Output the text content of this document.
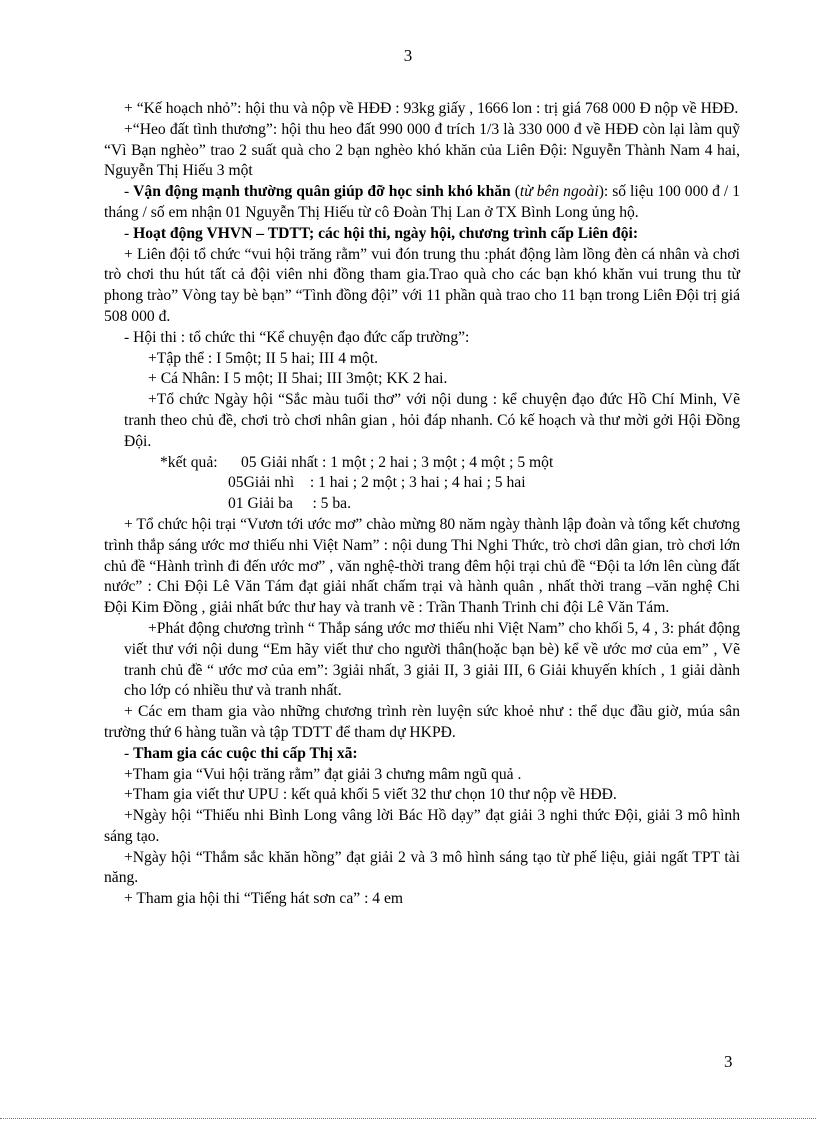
3

+ “Kế hoạch nhỏ”: hội thu và nộp về HĐĐ : 93kg giấy , 1666 lon : trị giá 768 000 Đ nộp về HĐĐ.

+“Heo đất tình thương”: hội thu heo đất 990 000 đ trích 1/3 là 330 000 đ về HĐĐ còn lại làm quỹ “Vì Bạn nghèo” trao 2 suất quà cho 2 bạn nghèo khó khăn của Liên Đội: Nguyễn Thành Nam 4 hai, Nguyễn Thị Hiếu 3 một

- Vận động mạnh thường quân giúp đỡ học sinh khó khăn (từ bên ngoài): số liệu 100 000 đ / 1 tháng / số em nhận 01 Nguyễn Thị Hiếu từ cô Đoàn Thị Lan ở TX Bình Long ủng hộ.

- Hoạt động VHVN – TDTT; các hội thi, ngày hội, chương trình cấp Liên đội:

+ Liên đội tổ chức “vui hội trăng rằm” vui đón trung thu :phát động làm lồng đèn cá nhân và chơi trò chơi thu hút tất cả đội viên nhi đồng tham gia.Trao quà cho các bạn khó khăn vui trung thu từ phong trào” Vòng tay bè bạn” “Tình đồng đội” với 11 phần quà trao cho 11 bạn trong Liên Đội trị giá 508 000 đ.

- Hội thi : tổ chức thi “Kể chuyện đạo đức cấp trường”:

+Tập thể : I 5một; II 5 hai; III 4 một.

+ Cá Nhân: I 5 một; II 5hai; III 3một; KK 2 hai.

+Tổ chức Ngày hội “Sắc màu tuổi thơ” với nội dung : kể chuyện đạo đức Hồ Chí Minh, Vẽ tranh theo chủ đề, chơi trò chơi nhân gian , hỏi đáp nhanh. Có kế hoạch và thư mời gởi Hội Đồng Đội.

*kết quả:      05 Giải nhất : 1 một ; 2 hai ; 3 một ; 4 một ; 5 một

05Giải nhì    : 1 hai ; 2 một ; 3 hai ; 4 hai ; 5 hai

01 Giải ba     : 5 ba.

+ Tổ chức hội trại “Vươn tới ước mơ” chào mừng 80 năm ngày thành lập đoàn và tổng kết chương trình thắp sáng ước mơ thiếu nhi Việt Nam” : nội dung Thi Nghi Thức, trò chơi dân gian, trò chơi lớn chủ đề “Hành trình đi đến ước mơ” , văn nghệ-thời trang đêm hội trại chủ đề “Đội ta lớn lên cùng đất nước” : Chi Đội Lê Văn Tám đạt giải nhất chấm trại và hành quân , nhất thời trang –văn nghệ Chi Đội Kim Đồng , giải nhất bức thư hay và tranh vẽ : Trần Thanh Trinh chi đội Lê Văn Tám.

+Phát động chương trình “ Thắp sáng ước mơ thiếu nhi Việt Nam” cho khối 5, 4 , 3: phát động viết thư với nội dung “Em hãy viết thư cho người thân(hoặc bạn bè) kể về ước mơ của em” , Vẽ tranh chủ đề “ ước mơ của em”: 3giải nhất, 3 giải II, 3 giải III, 6 Giải khuyến khích , 1 giải dành cho lớp có nhiều thư và tranh nhất.

+ Các em tham gia vào những chương trình rèn luyện sức khoẻ như : thể dục đầu giờ, múa sân trường thứ 6 hàng tuần và tập TDTT để tham dự HKPĐ.

- Tham gia các cuộc thi cấp Thị xã:

+Tham gia “Vui hội trăng rằm” đạt giải 3 chưng mâm ngũ quả .

+Tham gia viết thư UPU : kết quả khối 5 viết 32 thư chọn 10 thư nộp về HĐĐ.

+Ngày hội “Thiếu nhi Bình Long vâng lời Bác Hồ dạy” đạt giải 3 nghi thức Đội, giải 3 mô hình sáng tạo.

+Ngày hội “Thắm sắc khăn hồng” đạt giải 2 và 3 mô hình sáng tạo từ phế liệu, giải ngất TPT tài năng.

+ Tham gia hội thi “Tiếng hát sơn ca” : 4 em

3
